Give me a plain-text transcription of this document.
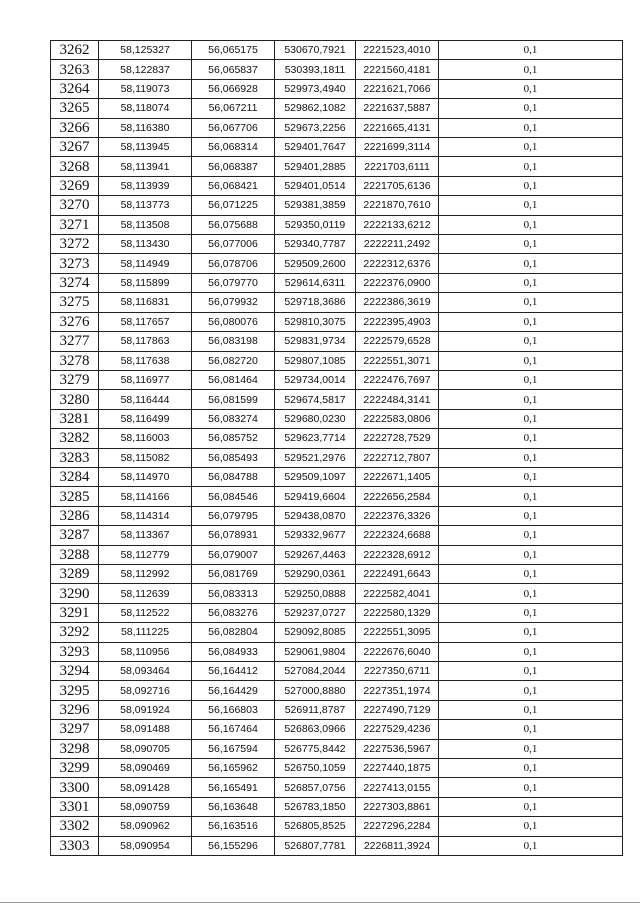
3262	58,125327	56,065175	530670,7921	2221523,4010	0,1
3263	58,122837	56,065837	530393,1811	2221560,4181	0,1
3264	58,119073	56,066928	529973,4940	2221621,7066	0,1
3265	58,118074	56,067211	529862,1082	2221637,5887	0,1
3266	58,116380	56,067706	529673,2256	2221665,4131	0,1
3267	58,113945	56,068314	529401,7647	2221699,3114	0,1
3268	58,113941	56,068387	529401,2885	2221703,6111	0,1
3269	58,113939	56,068421	529401,0514	2221705,6136	0,1
3270	58,113773	56,071225	529381,3859	2221870,7610	0,1
3271	58,113508	56,075688	529350,0119	2222133,6212	0,1
3272	58,113430	56,077006	529340,7787	2222211,2492	0,1
3273	58,114949	56,078706	529509,2600	2222312,6376	0,1
3274	58,115899	56,079770	529614,6311	2222376,0900	0,1
3275	58,116831	56,079932	529718,3686	2222386,3619	0,1
3276	58,117657	56,080076	529810,3075	2222395,4903	0,1
3277	58,117863	56,083198	529831,9734	2222579,6528	0,1
3278	58,117638	56,082720	529807,1085	2222551,3071	0,1
3279	58,116977	56,081464	529734,0014	2222476,7697	0,1
3280	58,116444	56,081599	529674,5817	2222484,3141	0,1
3281	58,116499	56,083274	529680,0230	2222583,0806	0,1
3282	58,116003	56,085752	529623,7714	2222728,7529	0,1
3283	58,115082	56,085493	529521,2976	2222712,7807	0,1
3284	58,114970	56,084788	529509,1097	2222671,1405	0,1
3285	58,114166	56,084546	529419,6604	2222656,2584	0,1
3286	58,114314	56,079795	529438,0870	2222376,3326	0,1
3287	58,113367	56,078931	529332,9677	2222324,6688	0,1
3288	58,112779	56,079007	529267,4463	2222328,6912	0,1
3289	58,112992	56,081769	529290,0361	2222491,6643	0,1
3290	58,112639	56,083313	529250,0888	2222582,4041	0,1
3291	58,112522	56,083276	529237,0727	2222580,1329	0,1
3292	58,111225	56,082804	529092,8085	2222551,3095	0,1
3293	58,110956	56,084933	529061,9804	2222676,6040	0,1
3294	58,093464	56,164412	527084,2044	2227350,6711	0,1
3295	58,092716	56,164429	527000,8880	2227351,1974	0,1
3296	58,091924	56,166803	526911,8787	2227490,7129	0,1
3297	58,091488	56,167464	526863,0966	2227529,4236	0,1
3298	58,090705	56,167594	526775,8442	2227536,5967	0,1
3299	58,090469	56,165962	526750,1059	2227440,1875	0,1
3300	58,091428	56,165491	526857,0756	2227413,0155	0,1
3301	58,090759	56,163648	526783,1850	2227303,8861	0,1
3302	58,090962	56,163516	526805,8525	2227296,2284	0,1
3303	58,090954	56,155296	526807,7781	2226811,3924	0,1
